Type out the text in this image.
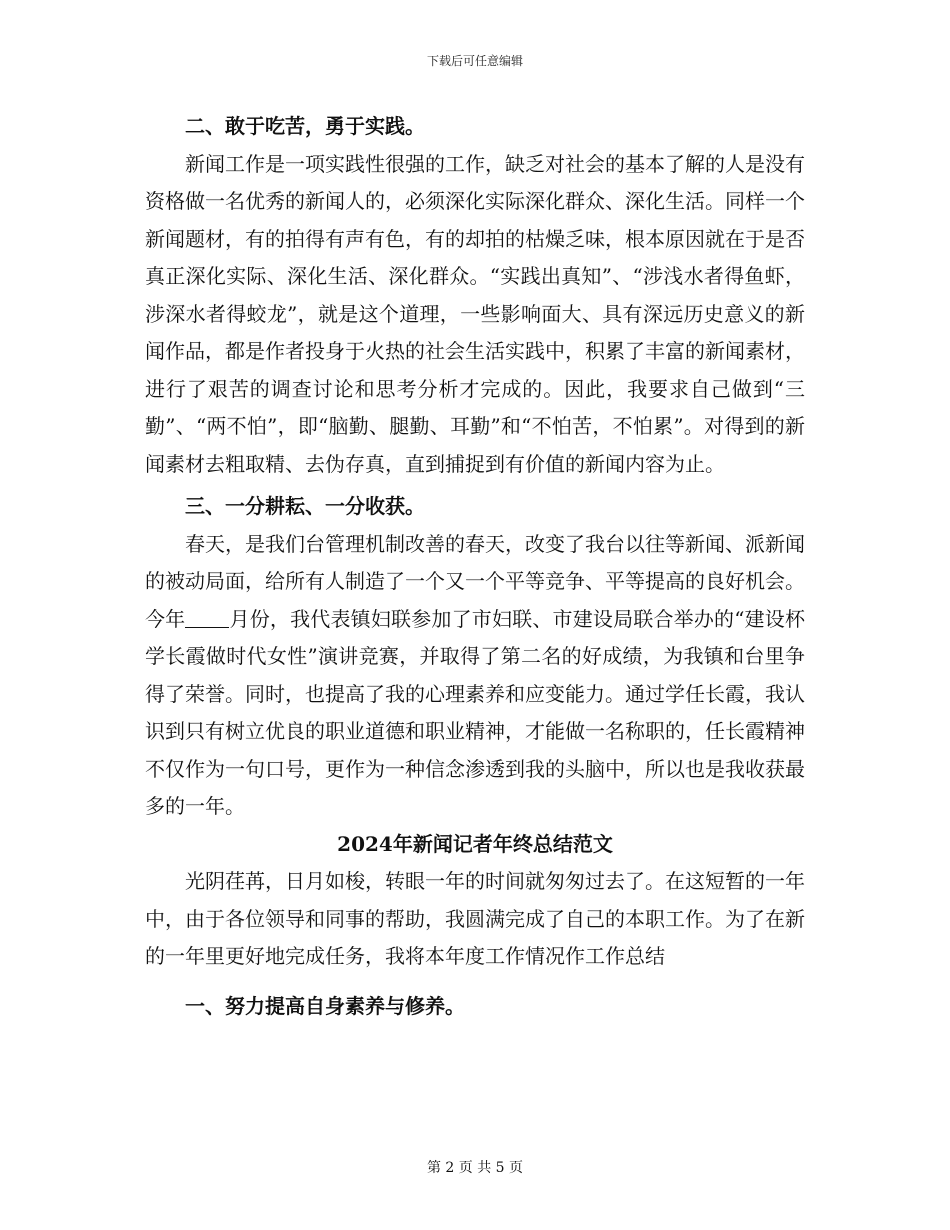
下载后可任意编辑

二、敢于吃苦，勇于实践。

新闻工作是一项实践性很强的工作，缺乏对社会的基本了解的人是没有资格做一名优秀的新闻人的，必须深化实际深化群众、深化生活。同样一个新闻题材，有的拍得有声有色，有的却拍的枯燥乏味，根本原因就在于是否真正深化实际、深化生活、深化群众。“实践出真知”、“涉浅水者得鱼虾，涉深水者得蛟龙”，就是这个道理，一些影响面大、具有深远历史意义的新闻作品，都是作者投身于火热的社会生活实践中，积累了丰富的新闻素材，进行了艰苦的调查讨论和思考分析才完成的。因此，我要求自己做到“三勤”、“两不怕”，即“脑勤、腿勤、耳勤”和“不怕苦，不怕累”。对得到的新闻素材去粗取精、去伪存真，直到捕捉到有价值的新闻内容为止。

三、一分耕耘、一分收获。

春天，是我们台管理机制改善的春天，改变了我台以往等新闻、派新闻的被动局面，给所有人制造了一个又一个平等竞争、平等提高的良好机会。今年 月份，我代表镇妇联参加了市妇联、市建设局联合举办的“建设杯学长霞做时代女性”演讲竞赛，并取得了第二名的好成绩，为我镇和台里争得了荣誉。同时，也提高了我的心理素养和应变能力。通过学任长霞，我认识到只有树立优良的职业道德和职业精神，才能做一名称职的，任长霞精神不仅作为一句口号，更作为一种信念渗透到我的头脑中，所以也是我收获最多的一年。

2024年新闻记者年终总结范文

光阴荏苒，日月如梭，转眼一年的时间就匆匆过去了。在这短暂的一年中，由于各位领导和同事的帮助，我圆满完成了自己的本职工作。为了在新的一年里更好地完成任务，我将本年度工作情况作工作总结

一、努力提高自身素养与修养。

第 2 页 共 5 页
